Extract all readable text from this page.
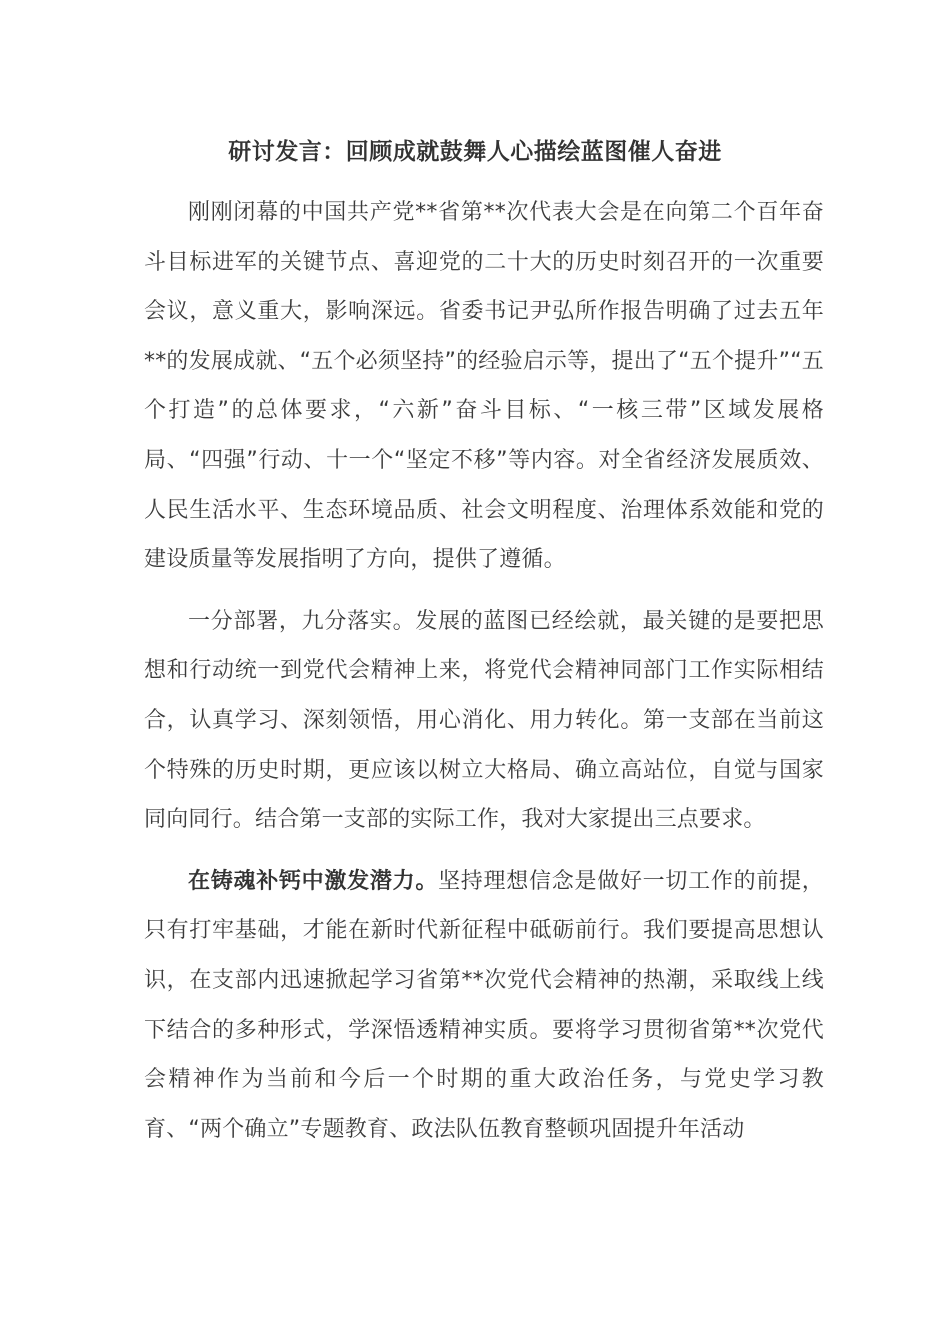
研讨发言：回顾成就鼓舞人心描绘蓝图催人奋进

刚刚闭幕的中国共产党**省第**次代表大会是在向第二个百年奋斗目标进军的关键节点、喜迎党的二十大的历史时刻召开的一次重要会议，意义重大，影响深远。省委书记尹弘所作报告明确了过去五年**的发展成就、“五个必须坚持”的经验启示等，提出了“五个提升”“五个打造”的总体要求，“六新”奋斗目标、“一核三带”区域发展格局、“四强”行动、十一个“坚定不移”等内容。对全省经济发展质效、人民生活水平、生态环境品质、社会文明程度、治理体系效能和党的建设质量等发展指明了方向，提供了遵循。

一分部署，九分落实。发展的蓝图已经绘就，最关键的是要把思想和行动统一到党代会精神上来，将党代会精神同部门工作实际相结合，认真学习、深刻领悟，用心消化、用力转化。第一支部在当前这个特殊的历史时期，更应该以树立大格局、确立高站位，自觉与国家同向同行。结合第一支部的实际工作，我对大家提出三点要求。

在铸魂补钙中激发潜力。坚持理想信念是做好一切工作的前提，只有打牢基础，才能在新时代新征程中砥砺前行。我们要提高思想认识，在支部内迅速掀起学习省第**次党代会精神的热潮，采取线上线下结合的多种形式，学深悟透精神实质。要将学习贯彻省第**次党代会精神作为当前和今后一个时期的重大政治任务，与党史学习教育、“两个确立”专题教育、政法队伍教育整顿巩固提升年活动
